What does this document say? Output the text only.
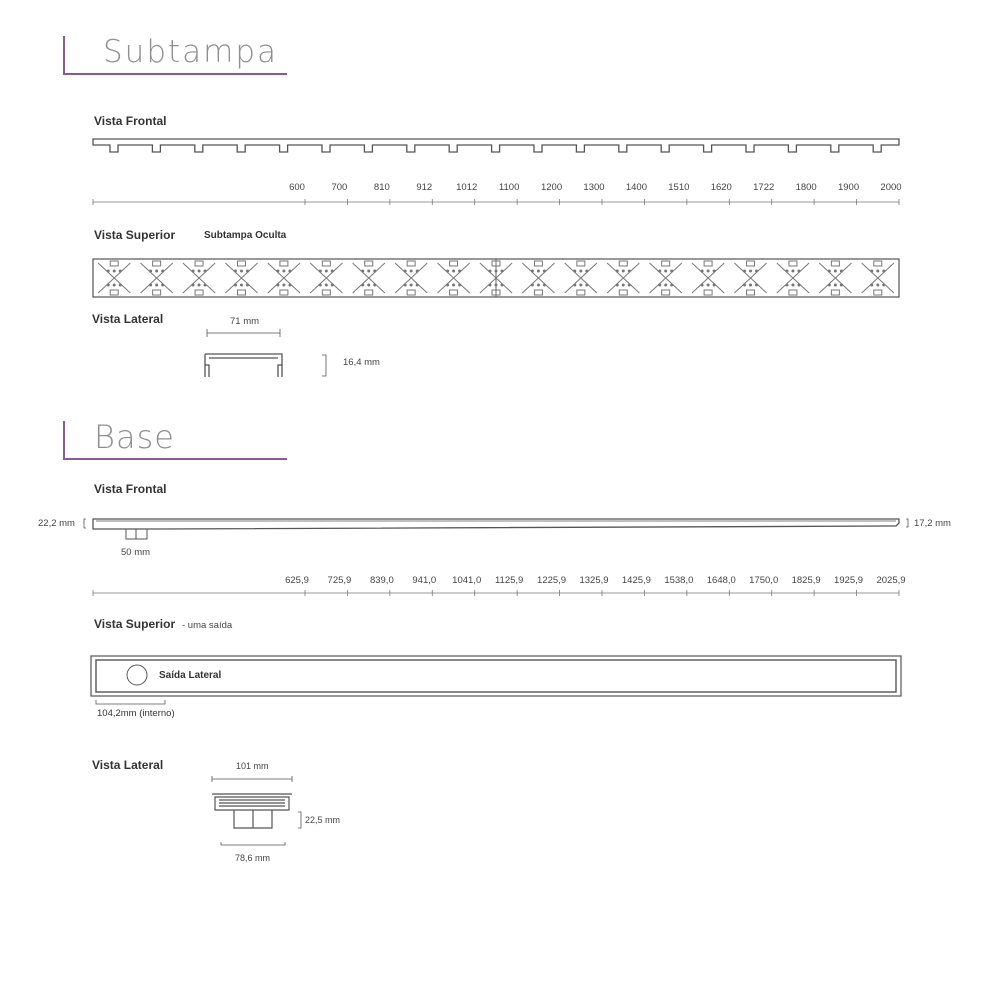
Subtampa
Vista Frontal
600	700	810	912	1012 1100 1200 1300 1400 1510 1620 1722 1800 1900 2000
Vista Superior	Subtampa Oculta
Vista Lateral	71 mm
16,4 mm
Base
Vista Frontal
22,2 mm	17,2 mm
50 mm
625,9 725,9 839,0 941,0 1041,0 1125,9 1225,9 1325,9 1425,9 1538,0 1648,0 1750,0 1825,9 1925,9 2025,9
Vista Superior - uma saída
Saída Lateral
104,2mm (interno)
Vista Lateral	101 mm
22,5 mm
78,6 mm
